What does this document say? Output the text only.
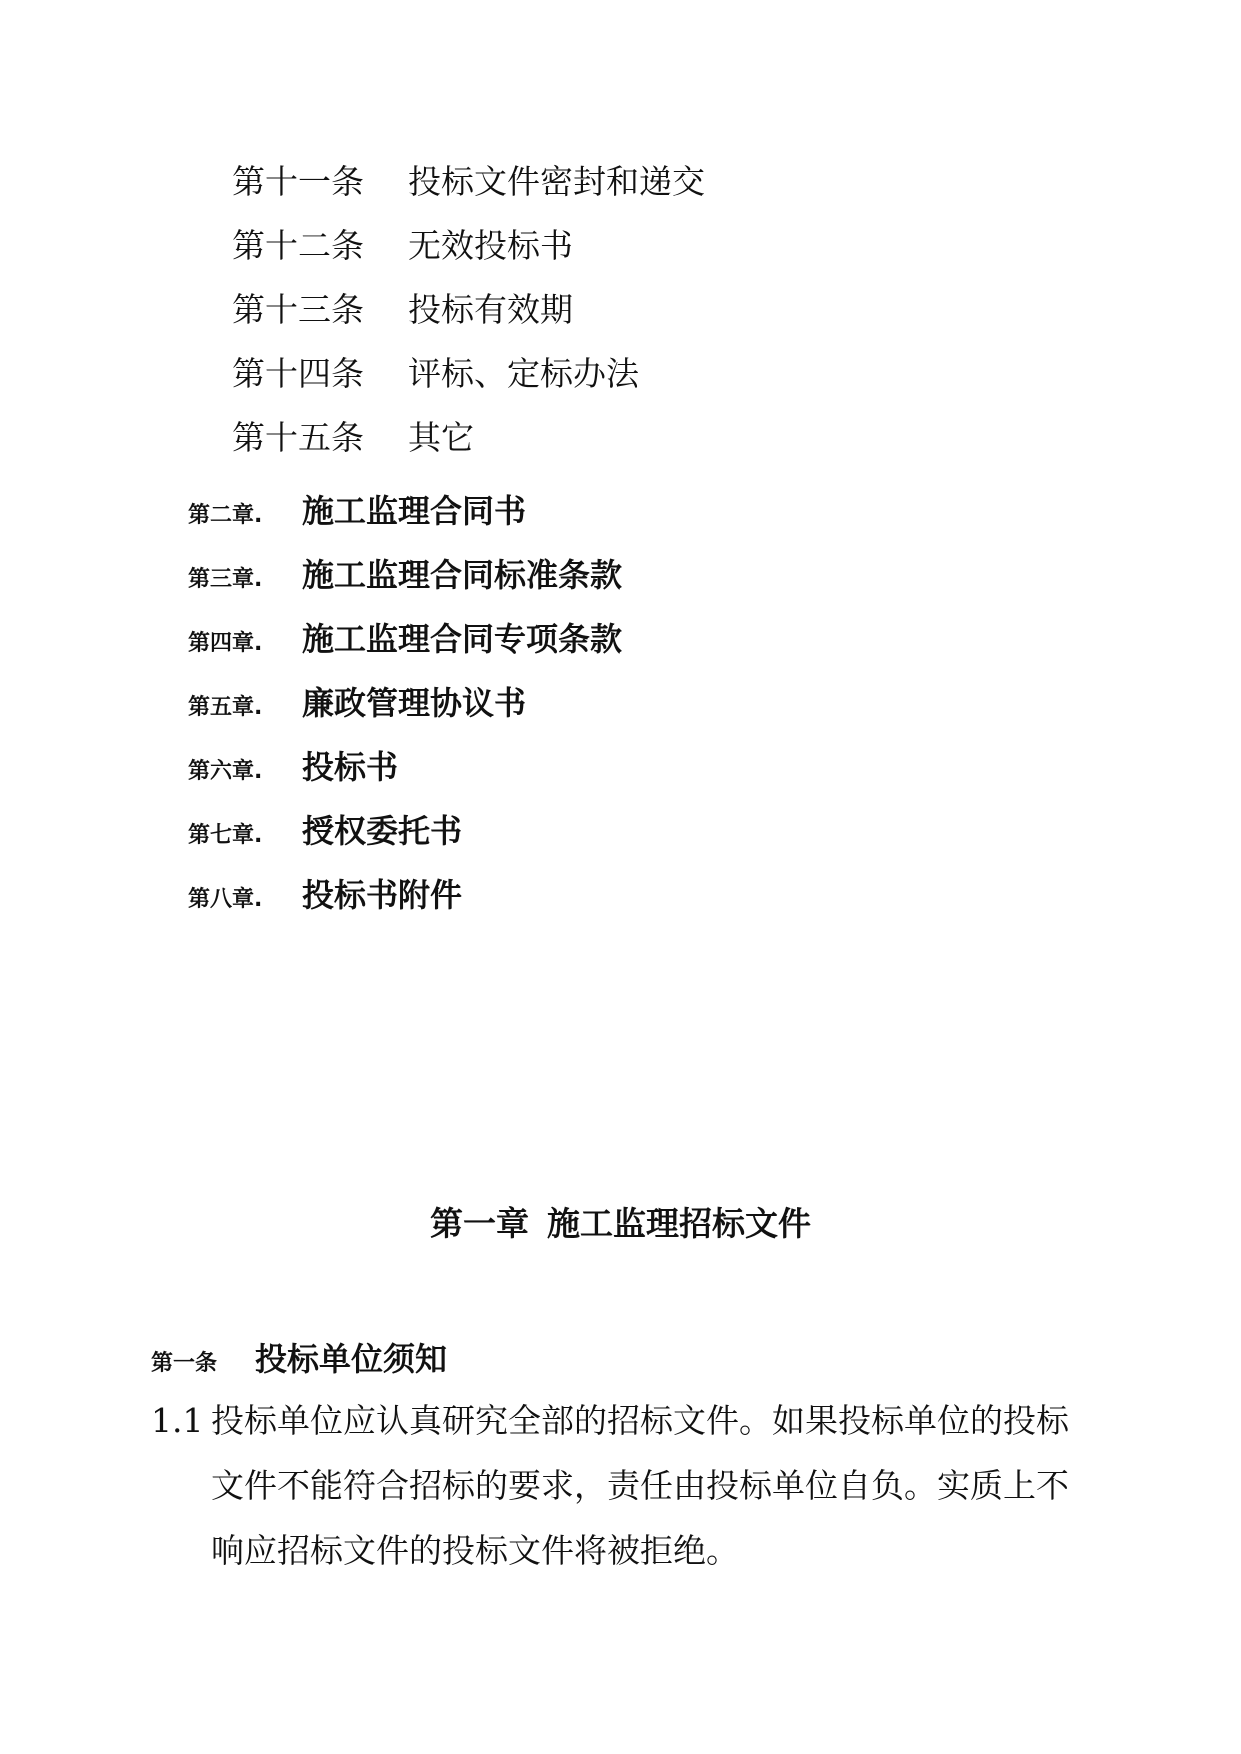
第十一条 投标文件密封和递交
第十二条 无效投标书
第十三条 投标有效期
第十四条 评标、定标办法
第十五条 其它
第二章. 施工监理合同书
第三章. 施工监理合同标准条款
第四章. 施工监理合同专项条款
第五章. 廉政管理协议书
第六章. 投标书
第七章. 授权委托书
第八章. 投标书附件
第一章 施工监理招标文件
第一条 投标单位须知
1.1 投标单位应认真研究全部的招标文件。如果投标单位的投标文件不能符合招标的要求，责任由投标单位自负。实质上不响应招标文件的投标文件将被拒绝。
